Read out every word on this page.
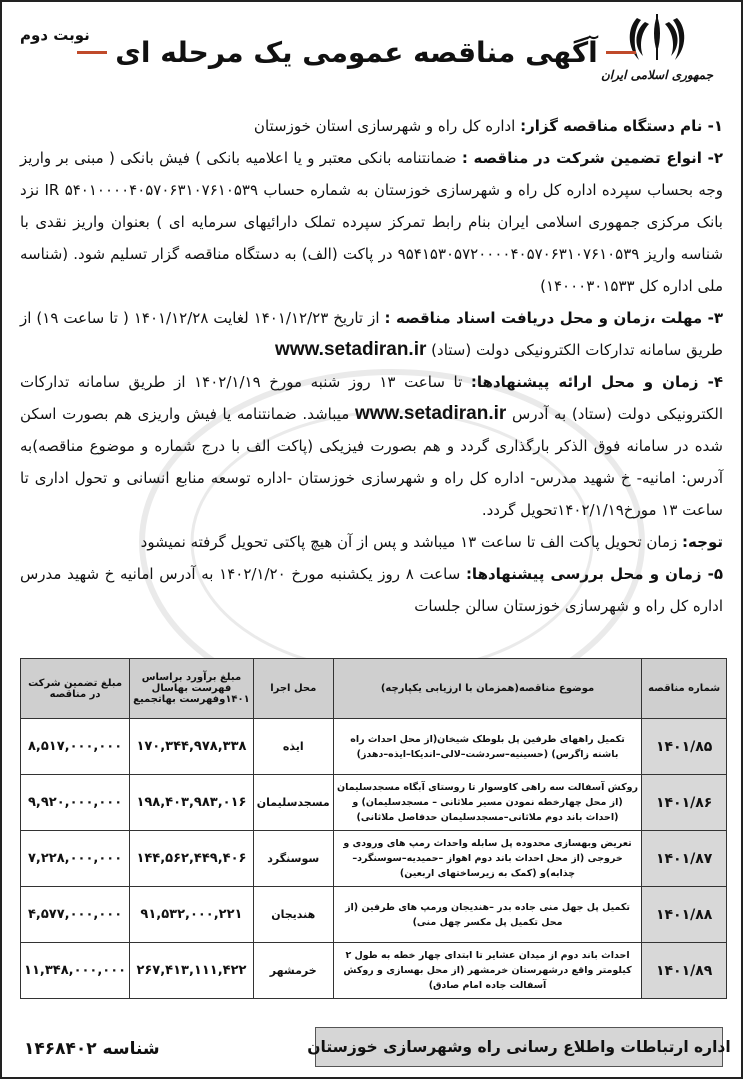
جمهوری اسلامی ایران
آگهی مناقصه عمومی یک مرحله ای
نوبت دوم

۱- نام دستگاه مناقصه گزار: اداره کل راه و شهرسازی استان خوزستان

۲- انواع تضمین شرکت در مناقصه : ضمانتنامه بانکی معتبر و یا اعلامیه بانکی ) فیش بانکی ( مبنی بر واریز وجه بحساب سپرده اداره کل راه و شهرسازی خوزستان به شماره حساب ۵۴۰۱۰۰۰۰۴۰۵۷۰۶۳۱۰۷۶۱۰۵۳۹ IR نزد بانک مرکزی جمهوری اسلامی ایران بنام رابط تمرکز سپرده تملک دارائیهای سرمایه ای ) بعنوان واریز نقدی با شناسه واریز ۹۵۴۱۵۳۰۵۷۲۰۰۰۰۴۰۵۷۰۶۳۱۰۷۶۱۰۵۳۹ در پاکت (الف) به دستگاه مناقصه گزار تسلیم شود. (شناسه ملی اداره کل ۱۴۰۰۰۳۰۱۵۳۳)

۳- مهلت ،زمان و محل دریافت اسناد مناقصه : از تاریخ ۱۴۰۱/۱۲/۲۳ لغایت ۱۴۰۱/۱۲/۲۸ ( تا ساعت ۱۹) از طریق سامانه تدارکات الکترونیکی دولت (ستاد) www.setadiran.ir

۴- زمان و محل ارائه پیشنهادها: تا ساعت ۱۳ روز شنبه مورخ ۱۴۰۲/۱/۱۹ از طریق سامانه تدارکات الکترونیکی دولت (ستاد) به آدرس www.setadiran.ir میباشد. ضمانتنامه یا فیش واریزی هم بصورت اسکن شده در سامانه فوق الذکر بارگذاری گردد و هم بصورت فیزیکی (پاکت الف با درج شماره و موضوع مناقصه)به آدرس: امانیه- خ شهید مدرس- اداره کل راه و شهرسازی خوزستان -اداره توسعه منابع انسانی و تحول اداری تا ساعت ۱۳ مورخ۱۴۰۲/۱/۱۹تحویل گردد.

توجه: زمان تحویل پاکت الف تا ساعت ۱۳ میباشد و پس از آن هیچ پاکتی تحویل گرفته نمیشود

۵- زمان و محل بررسی پیشنهادها: ساعت ۸ روز یکشنبه مورخ ۱۴۰۲/۱/۲۰ به آدرس امانیه خ شهید مدرس اداره کل راه و شهرسازی خوزستان سالن جلسات

شماره مناقصه	موضوع مناقصه(همزمان با ارزیابی یکپارچه)	محل اجرا	مبلغ برآورد براساس فهرست بهاسال ۱۴۰۱وفهرست بهاتجمیع	مبلغ تضمین شرکت در مناقصه
۱۴۰۱/۸۵	تکمیل راههای طرفین پل بلوطک شیخان(از محل احداث راه باشنه زاگرس) (حسینیه–سردشت–لالی–اندیکا–ایذه–دهدز)	ایذه	۱۷۰,۳۴۴,۹۷۸,۳۳۸	۸,۵۱۷,۰۰۰,۰۰۰
۱۴۰۱/۸۶	روکش آسفالت سه راهی کاوسوار تا روستای آبگاه مسجدسلیمان (از محل چهارخطه نمودن مسیر ملاثانی – مسجدسلیمان) و (احداث باند دوم ملاثانی–مسجدسلیمان حدفاصل ملاثانی)	مسجدسلیمان	۱۹۸,۴۰۳,۹۸۳,۰۱۶	۹,۹۲۰,۰۰۰,۰۰۰
۱۴۰۱/۸۷	تعریض وبهسازی محدوده پل سابله واحداث رمپ های ورودی و خروجی (از محل احداث باند دوم اهواز –حمیدیه–سوسنگرد–چذابه)و (کمک به زیرساختهای اربعین)	سوسنگرد	۱۴۴,۵۶۲,۴۴۹,۴۰۶	۷,۲۲۸,۰۰۰,۰۰۰
۱۴۰۱/۸۸	تکمیل پل جهل منی جاده بدر –هندیجان ورمپ های طرفین (از محل تکمیل پل مکسر چهل منی)	هندیجان	۹۱,۵۳۲,۰۰۰,۲۲۱	۴,۵۷۷,۰۰۰,۰۰۰
۱۴۰۱/۸۹	احداث باند دوم از میدان عشایر تا ابتدای چهار خطه به طول ۲ کیلومتر واقع درشهرستان خرمشهر (از محل بهسازی و روکش آسفالت جاده امام صادق)	خرمشهر	۲۶۷,۴۱۳,۱۱۱,۴۲۲	۱۱,۳۴۸,۰۰۰,۰۰۰
اداره ارتباطات واطلاع رسانی راه وشهرسازی خوزستان
شناسه ۱۴۶۸۴۰۲
